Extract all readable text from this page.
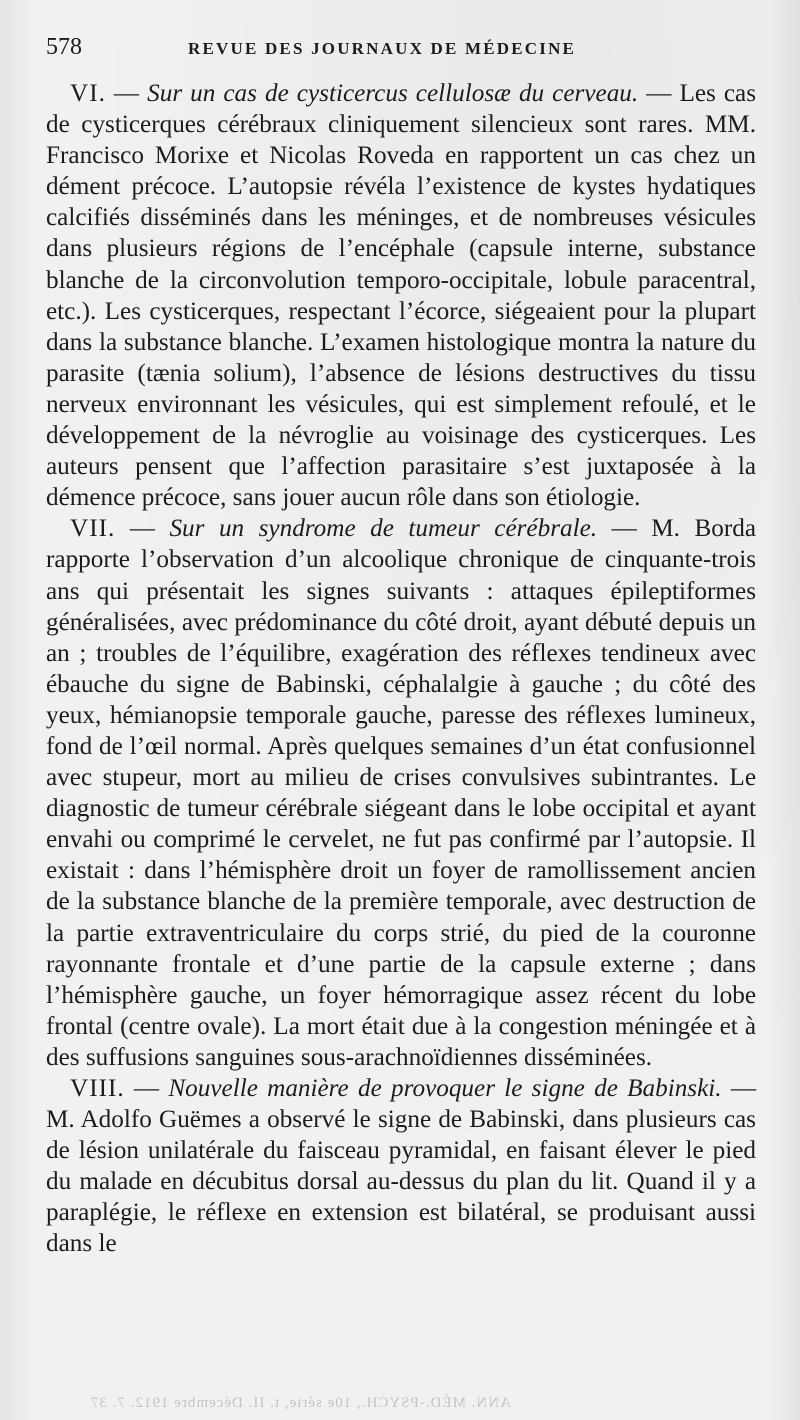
578	REVUE DES JOURNAUX DE MÉDECINE

VI. — Sur un cas de cysticercus cellulosæ du cerveau. — Les cas de cysticerques cérébraux cliniquement silencieux sont rares. MM. Francisco Morixe et Nicolas Roveda en rapportent un cas chez un dément précoce. L’autopsie révéla l’existence de kystes hydatiques calcifiés disséminés dans les méninges, et de nombreuses vésicules dans plusieurs régions de l’encéphale (capsule interne, substance blanche de la circonvolution temporo-occipitale, lobule paracentral, etc.). Les cysticerques, respectant l’écorce, siégeaient pour la plupart dans la substance blanche. L’examen histologique montra la nature du parasite (tænia solium), l’absence de lésions destructives du tissu nerveux environnant les vésicules, qui est simplement refoulé, et le développement de la névroglie au voisinage des cysticerques. Les auteurs pensent que l’affection parasitaire s’est juxtaposée à la démence précoce, sans jouer aucun rôle dans son étiologie.

VII. — Sur un syndrome de tumeur cérébrale. — M. Borda rapporte l’observation d’un alcoolique chronique de cinquante-trois ans qui présentait les signes suivants : attaques épileptiformes généralisées, avec prédominance du côté droit, ayant débuté depuis un an ; troubles de l’équilibre, exagération des réflexes tendineux avec ébauche du signe de Babinski, céphalalgie à gauche ; du côté des yeux, hémianopsie temporale gauche, paresse des réflexes lumineux, fond de l’œil normal. Après quelques semaines d’un état confusionnel avec stupeur, mort au milieu de crises convulsives subintrantes. Le diagnostic de tumeur cérébrale siégeant dans le lobe occipital et ayant envahi ou comprimé le cervelet, ne fut pas confirmé par l’autopsie. Il existait : dans l’hémisphère droit un foyer de ramollissement ancien de la substance blanche de la première temporale, avec destruction de la partie extraventriculaire du corps strié, du pied de la couronne rayonnante frontale et d’une partie de la capsule externe ; dans l’hémisphère gauche, un foyer hémorragique assez récent du lobe frontal (centre ovale). La mort était due à la congestion méningée et à des suffusions sanguines sous-arachnoïdiennes disséminées.

VIII. — Nouvelle manière de provoquer le signe de Babinski. — M. Adolfo Guëmes a observé le signe de Babinski, dans plusieurs cas de lésion unilatérale du faisceau pyramidal, en faisant élever le pied du malade en décubitus dorsal au-dessus du plan du lit. Quand il y a paraplégie, le réflexe en extension est bilatéral, se produisant aussi dans le

ANN. MÉD.-PSYCH., 10e série, t. II. Décembre 1912. 7. 37
